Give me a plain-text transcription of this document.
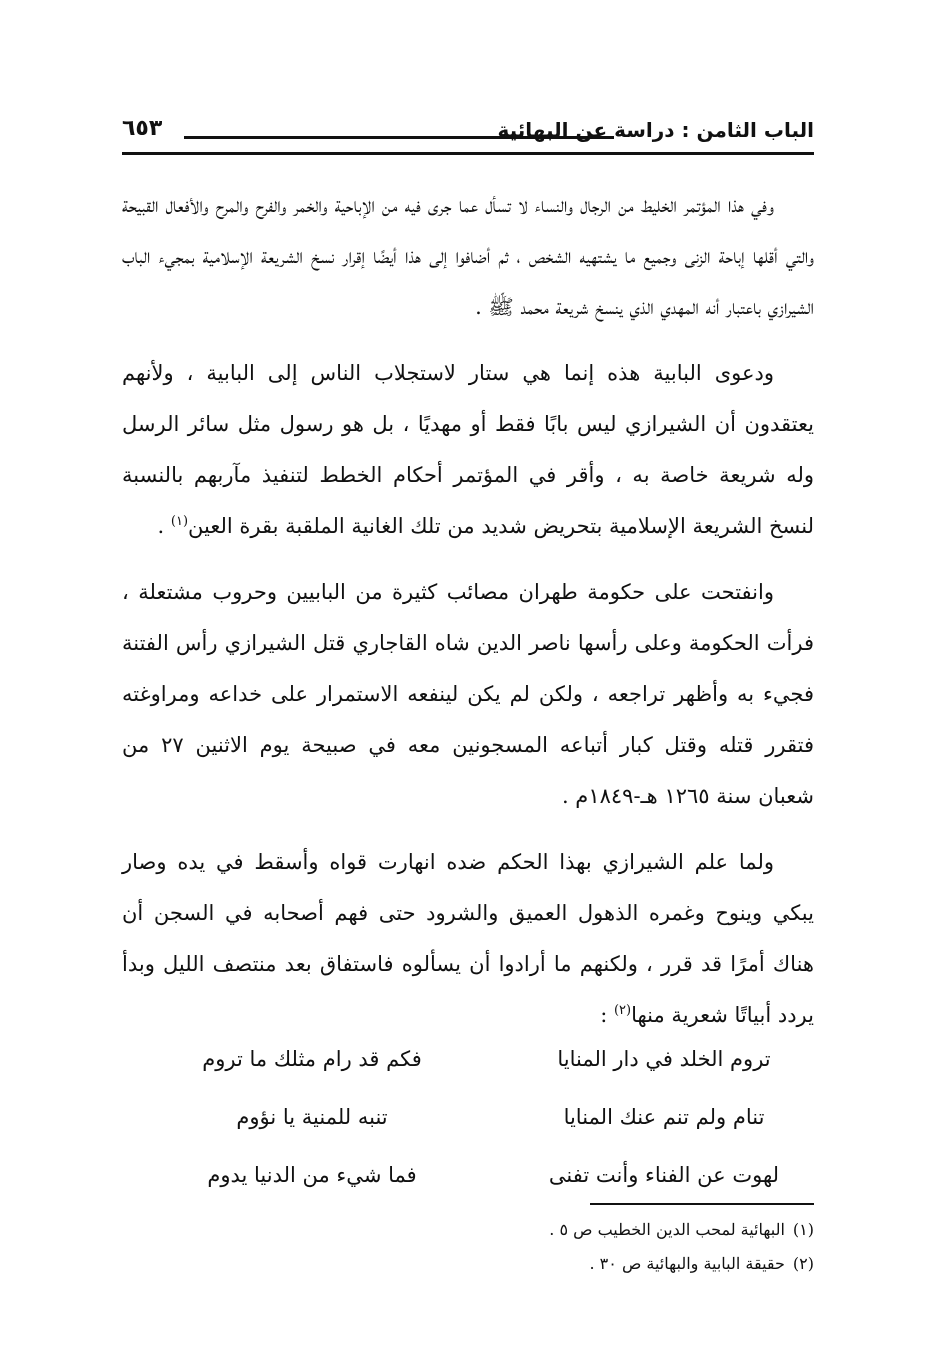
الباب الثامن : دراسة عن البهائية
٦٥٣

وفي هذا المؤتمر الخليط من الرجال والنساء لا تسأل عما جرى فيه من الإباحية والخمر والفرح والمرح والأفعال القبيحة والتي أقلها إباحة الزنى وجميع ما يشتهيه الشخص ، ثم أضافوا إلى هذا أيضًا إقرار نسخ الشريعة الإسلامية بمجيء الباب الشيرازي باعتبار أنه المهدي الذي ينسخ شريعة محمد ﷺ .

ودعوى البابية هذه إنما هي ستار لاستجلاب الناس إلى البابية ، ولأنهم يعتقدون أن الشيرازي ليس بابًا فقط أو مهديًا ، بل هو رسول مثل سائر الرسل وله شريعة خاصة به ، وأقر في المؤتمر أحكام الخطط لتنفيذ مآربهم بالنسبة لنسخ الشريعة الإسلامية بتحريض شديد من تلك الغانية الملقبة بقرة العين$^{(١)}$ .

وانفتحت على حكومة طهران مصائب كثيرة من البابيين وحروب مشتعلة ، فرأت الحكومة وعلى رأسها ناصر الدين شاه القاجاري قتل الشيرازي رأس الفتنة فجيء به وأظهر تراجعه ، ولكن لم يكن لينفعه الاستمرار على خداعه ومراوغته فتقرر قتله وقتل كبار أتباعه المسجونين معه في صبيحة يوم الاثنين ٢٧ من شعبان سنة ١٢٦٥ هـ-١٨٤٩م .

ولما علم الشيرازي بهذا الحكم ضده انهارت قواه وأسقط في يده وصار يبكي وينوح وغمره الذهول العميق والشرود حتى فهم أصحابه في السجن أن هناك أمرًا قد قرر ، ولكنهم ما أرادوا أن يسألوه فاستفاق بعد منتصف الليل وبدأ يردد أبياتًا شعرية منها$^{(٢)}$ :

تروم الخلد في دار المنايا
فكم قد رام مثلك ما تروم
تنام ولم تنم عنك المنايا
تنبه للمنية يا نؤوم
لهوت عن الفناء وأنت تفنى
فما شيء من الدنيا يدوم

(١)البهائية لمحب الدين الخطيب ص ٥ .

(٢)حقيقة البابية والبهائية ص ٣٠ .
